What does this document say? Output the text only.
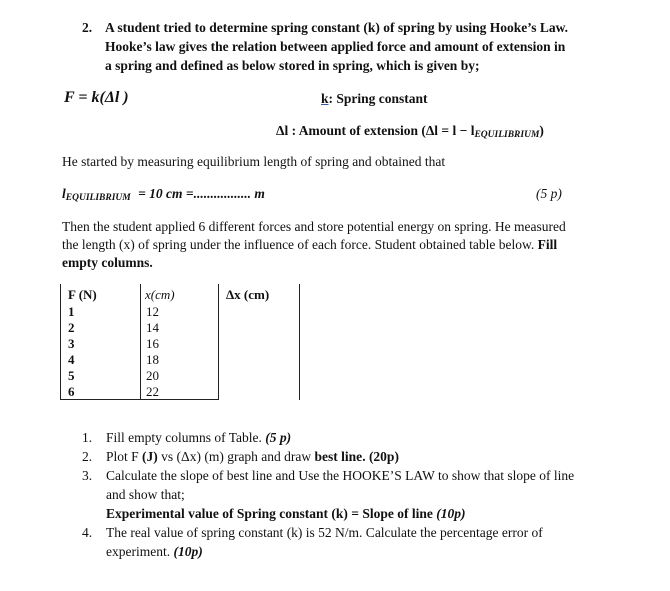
2. A student tried to determine spring constant (k) of spring by using Hooke’s Law.
Hooke’s law gives the relation between applied force and amount of extension in
a spring and defined as below stored in spring, which is given by;
F = k(Δl )	k: Spring constant
Δl : Amount of extension $(\Delta l = l - l_{EQUILIBRIUM})$
He started by measuring equilibrium length of spring and obtained that
$l_{EQUILIBRIUM} = 10$ cm =................. m	(5 p)
Then the student applied 6 different forces and store potential energy on spring. He measured
the length (x) of spring under the influence of each force. Student obtained table below. Fill
empty columns.
F (N)	x(cm)	Δx (cm)
1	12
2	14
3	16
4	18
5	20
6	22
1. Fill empty columns of Table. (5 p)
2. Plot F (J) vs (Δx) (m) graph and draw best line. (20p)
3. Calculate the slope of best line and Use the HOOKE’S LAW to show that slope of line
and show that;
Experimental value of Spring constant (k) = Slope of line (10p)
4. The real value of spring constant (k) is 52 N/m. Calculate the percentage error of
experiment. (10p)
